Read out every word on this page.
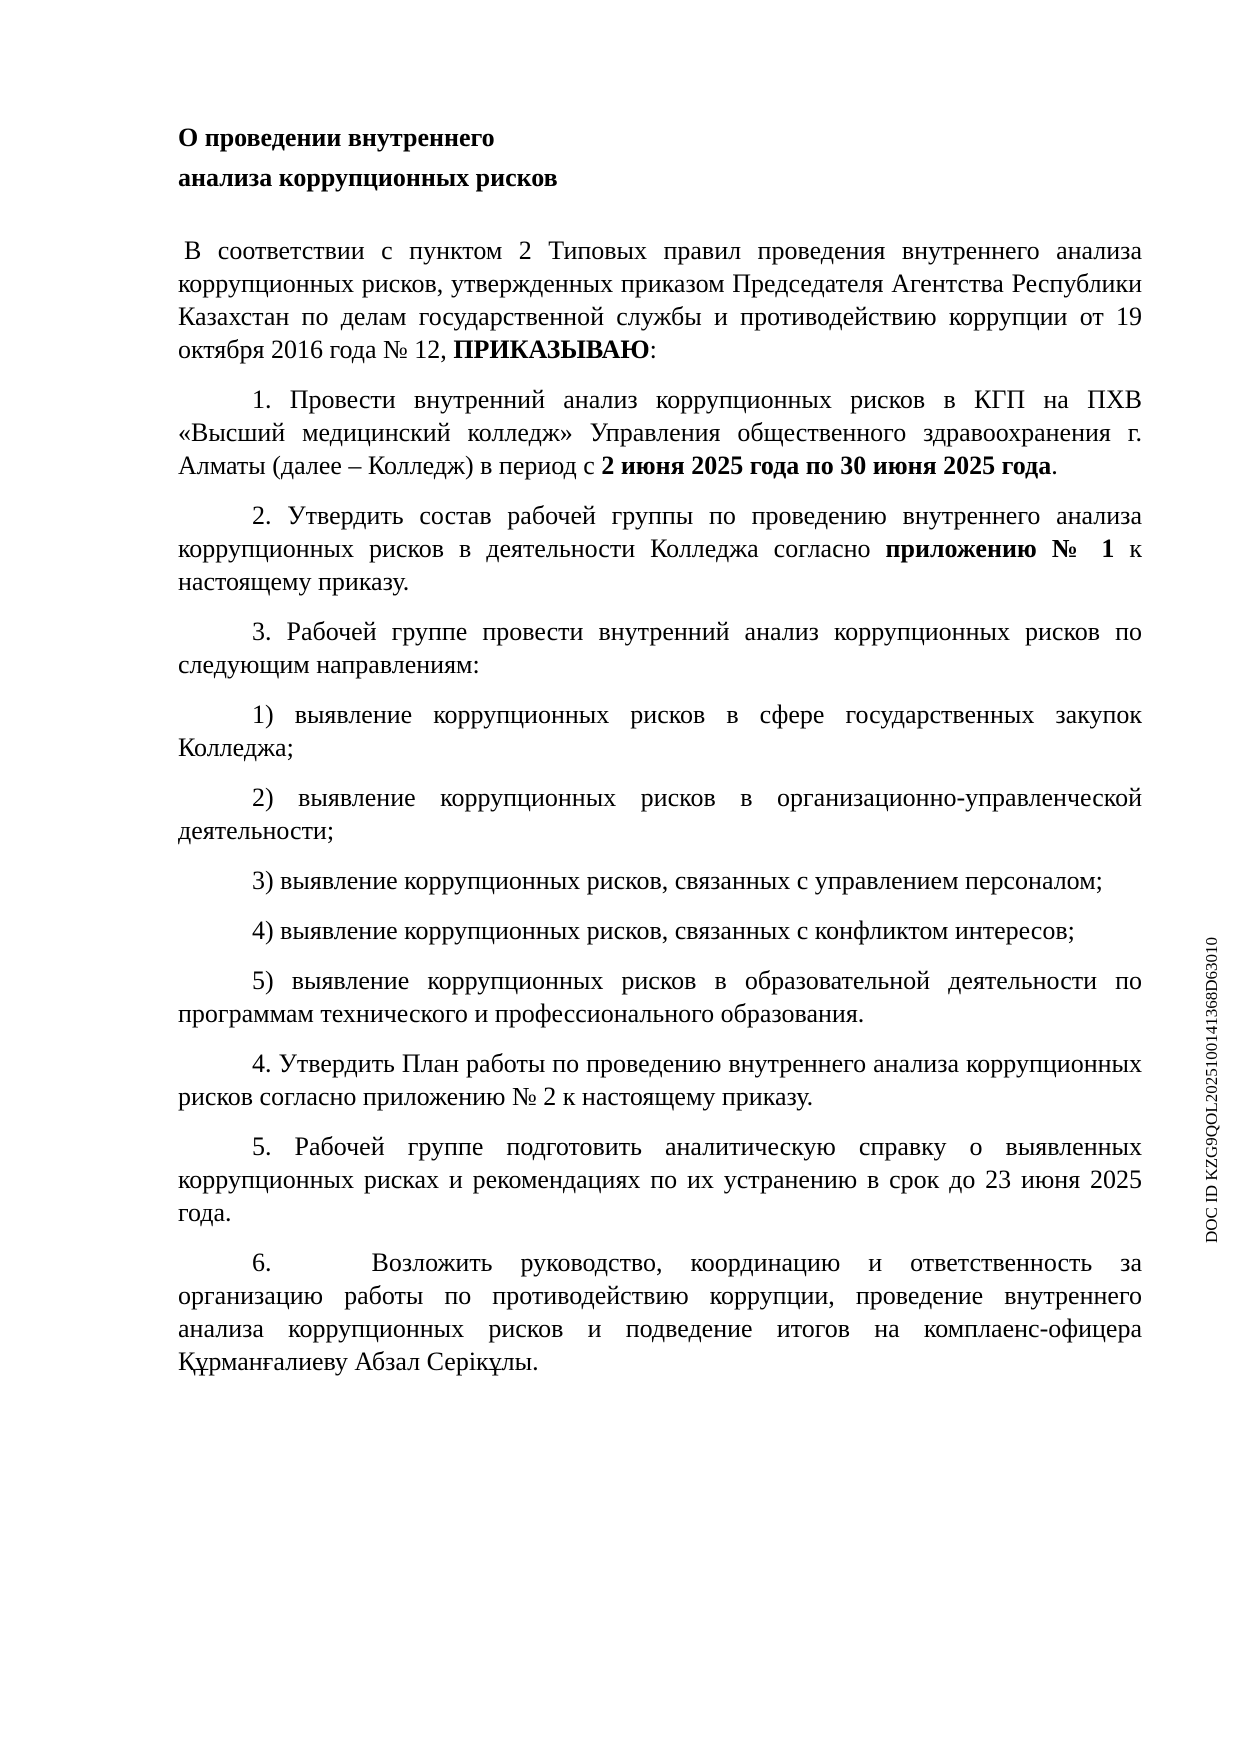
О проведении внутреннего
анализа коррупционных рисков

В соответствии с пунктом 2 Типовых правил проведения внутреннего анализа коррупционных рисков, утвержденных приказом Председателя Агентства Республики Казахстан по делам государственной службы и противодействию коррупции от 19 октября 2016 года № 12, ПРИКАЗЫВАЮ:

1. Провести внутренний анализ коррупционных рисков в КГП на ПХВ «Высший медицинский колледж» Управления общественного здравоохранения г. Алматы (далее – Колледж) в период с 2 июня 2025 года по 30 июня 2025 года.

2. Утвердить состав рабочей группы по проведению внутреннего анализа коррупционных рисков в деятельности Колледжа согласно приложению № 1 к настоящему приказу.

3. Рабочей группе провести внутренний анализ коррупционных рисков по следующим направлениям:

1) выявление коррупционных рисков в сфере государственных закупок Колледжа;

2) выявление коррупционных рисков в организационно-управленческой деятельности;

3) выявление коррупционных рисков, связанных с управлением персоналом;

4) выявление коррупционных рисков, связанных с конфликтом интересов;

5) выявление коррупционных рисков в образовательной деятельности по программам технического и профессионального образования.

4. Утвердить План работы по проведению внутреннего анализа коррупционных рисков согласно приложению № 2 к настоящему приказу.

5. Рабочей группе подготовить аналитическую справку о выявленных коррупционных рисках и рекомендациях по их устранению в срок до 23 июня 2025 года.

6.	Возложить руководство, координацию и ответственность за организацию работы по противодействию коррупции, проведение внутреннего анализа коррупционных рисков и подведение итогов на комплаенс-офицера Құрманғалиеву Абзал Серікұлы.

DOC ID KZG9QOL2025100141368D63010
